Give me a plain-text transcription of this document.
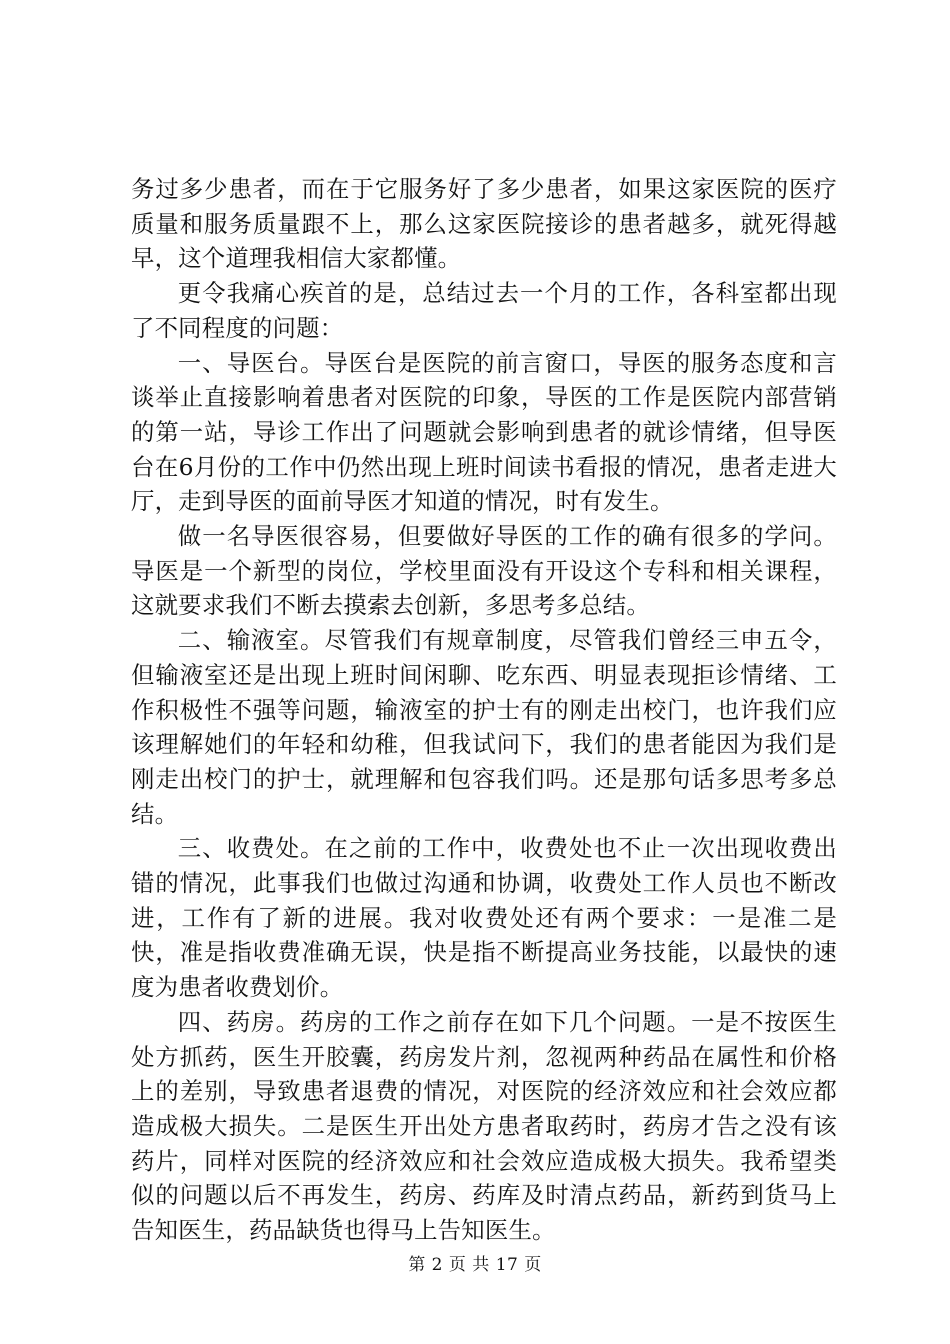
务过多少患者，而在于它服务好了多少患者，如果这家医院的医疗质量和服务质量跟不上，那么这家医院接诊的患者越多，就死得越早，这个道理我相信大家都懂。

更令我痛心疾首的是，总结过去一个月的工作，各科室都出现了不同程度的问题：

一、导医台。导医台是医院的前言窗口，导医的服务态度和言谈举止直接影响着患者对医院的印象，导医的工作是医院内部营销的第一站，导诊工作出了问题就会影响到患者的就诊情绪，但导医台在6月份的工作中仍然出现上班时间读书看报的情况，患者走进大厅，走到导医的面前导医才知道的情况，时有发生。

做一名导医很容易，但要做好导医的工作的确有很多的学问。导医是一个新型的岗位，学校里面没有开设这个专科和相关课程，这就要求我们不断去摸索去创新，多思考多总结。

二、输液室。尽管我们有规章制度，尽管我们曾经三申五令，但输液室还是出现上班时间闲聊、吃东西、明显表现拒诊情绪、工作积极性不强等问题，输液室的护士有的刚走出校门，也许我们应该理解她们的年轻和幼稚，但我试问下，我们的患者能因为我们是刚走出校门的护士，就理解和包容我们吗。还是那句话多思考多总结。

三、收费处。在之前的工作中，收费处也不止一次出现收费出错的情况，此事我们也做过沟通和协调，收费处工作人员也不断改进，工作有了新的进展。我对收费处还有两个要求：一是准二是快，准是指收费准确无误，快是指不断提高业务技能，以最快的速度为患者收费划价。

四、药房。药房的工作之前存在如下几个问题。一是不按医生处方抓药，医生开胶囊，药房发片剂，忽视两种药品在属性和价格上的差别，导致患者退费的情况，对医院的经济效应和社会效应都造成极大损失。二是医生开出处方患者取药时，药房才告之没有该药片，同样对医院的经济效应和社会效应造成极大损失。我希望类似的问题以后不再发生，药房、药库及时清点药品，新药到货马上告知医生，药品缺货也得马上告知医生。

第 2 页 共 17 页
